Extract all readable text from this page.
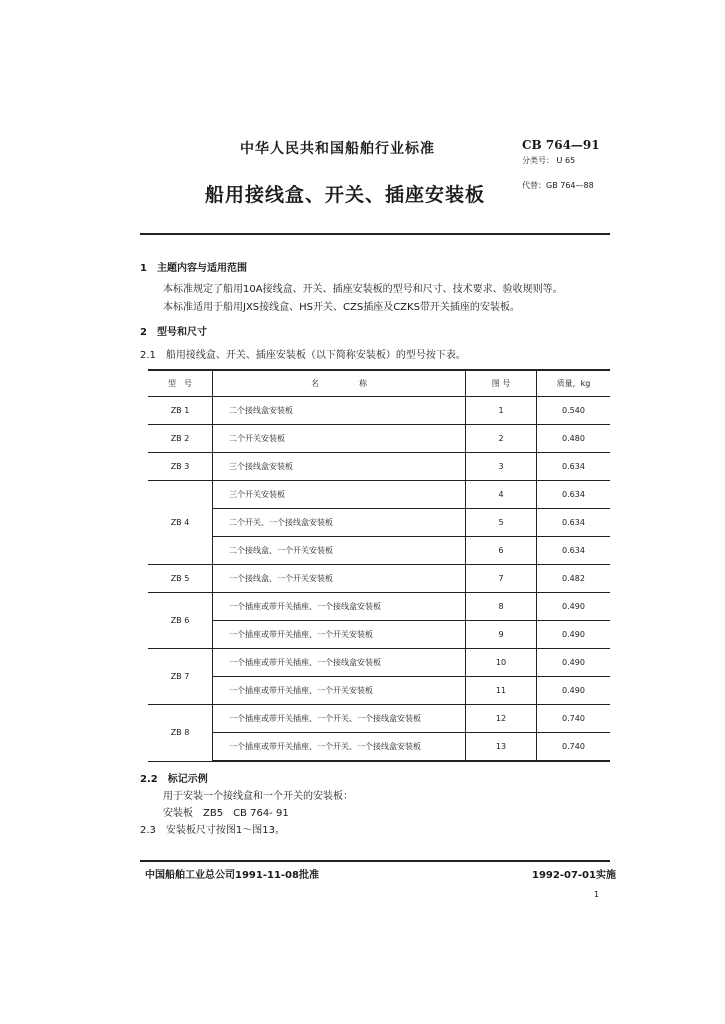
中华人民共和国船舶行业标准	CB 764—91
分类号： U 65
船用接线盒、开关、插座安装板	代替：GB 764—88
1　主题内容与适用范围
本标准规定了船用10A接线盒、开关、插座安装板的型号和尺寸、技术要求、验收规则等。
本标准适用于船用JXS接线盒、HS开关、CZS插座及CZKS带开关插座的安装板。
2　型号和尺寸
2.1　船用接线盒、开关、插座安装板（以下简称安装板）的型号按下表。
型　号	名　　　　　称	图 号	质量，kg
ZB 1	二个接线盒安装板	1	0.540
ZB 2	二个开关安装板	2	0.480
ZB 3	三个接线盒安装板	3	0.634
ZB 4	三个开关安装板	4	0.634
	二个开关、一个接线盒安装板	5	0.634
	二个接线盒、一个开关安装板	6	0.634
ZB 5	一个接线盒、一个开关安装板	7	0.482
ZB 6	一个插座或带开关插座、一个接线盒安装板	8	0.490
	一个插座或带开关插座、一个开关安装板	9	0.490
ZB 7	一个插座或带开关插座、一个接线盒安装板	10	0.490
	一个插座或带开关插座、一个开关安装板	11	0.490
ZB 8	一个插座或带开关插座、一个开关、一个接线盒安装板	12	0.740
	一个插座或带开关插座、一个开关、一个接线盒安装板	13	0.740
2.2　标记示例
用于安装一个接线盒和一个开关的安装板：
安装板　ZB5　CB 764- 91
2.3　安装板尺寸按图1～图13。
中国船舶工业总公司1991-11-08批准	1992-07-01实施
1
